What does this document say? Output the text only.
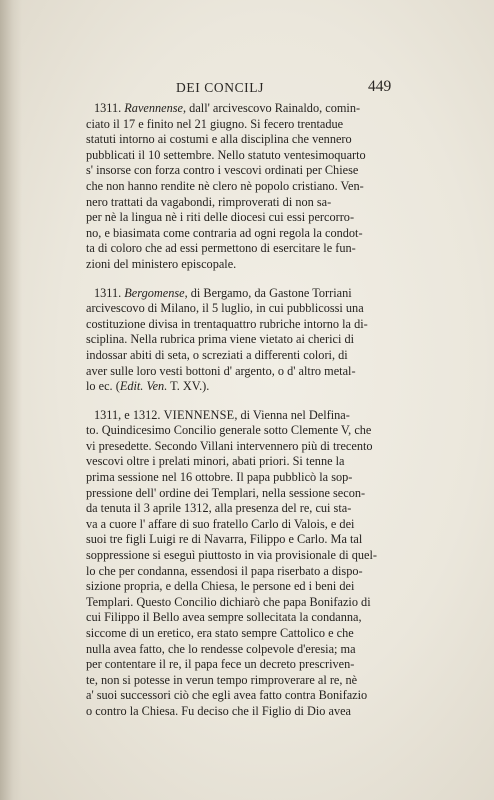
DEI CONCILJ	449
1311. Ravennense, dall' arcivescovo Rainaldo, comin-
ciato il 17 e finito nel 21 giugno. Si fecero trentadue
statuti intorno ai costumi e alla disciplina che vennero
pubblicati il 10 settembre. Nello statuto ventesimoquarto
s' insorse con forza contro i vescovi ordinati per Chiese
che non hanno rendite nè clero nè popolo cristiano. Ven-
nero trattati da vagabondi, rimproverati di non sa-
per nè la lingua nè i riti delle diocesi cui essi percorro-
no, e biasimata come contraria ad ogni regola la condot-
ta di coloro che ad essi permettono di esercitare le fun-
zioni del ministero episcopale.
1311. Bergomense, di Bergamo, da Gastone Torriani
arcivescovo di Milano, il 5 luglio, in cui pubblicossi una
costituzione divisa in trentaquattro rubriche intorno la di-
sciplina. Nella rubrica prima viene vietato ai cherici di
indossar abiti di seta, o screziati a differenti colori, di
aver sulle loro vesti bottoni d' argento, o d' altro metal-
lo ec. (Edit. Ven. T. XV.).
1311, e 1312. VIENNENSE, di Vienna nel Delfina-
to. Quindicesimo Concilio generale sotto Clemente V, che
vi presedette. Secondo Villani intervennero più di trecento
vescovi oltre i prelati minori, abati priori. Si tenne la
prima sessione nel 16 ottobre. Il papa pubblicò la sop-
pressione dell' ordine dei Templari, nella sessione secon-
da tenuta il 3 aprile 1312, alla presenza del re, cui sta-
va a cuore l' affare di suo fratello Carlo di Valois, e dei
suoi tre figli Luigi re di Navarra, Filippo e Carlo. Ma tal
soppressione si eseguì piuttosto in via provisionale di quel-
lo che per condanna, essendosi il papa riserbato a dispo-
sizione propria, e della Chiesa, le persone ed i beni dei
Templari. Questo Concilio dichiarò che papa Bonifazio di
cui Filippo il Bello avea sempre sollecitata la condanna,
siccome di un eretico, era stato sempre Cattolico e che
nulla avea fatto, che lo rendesse colpevole d'eresia; ma
per contentare il re, il papa fece un decreto prescriven-
te, non si potesse in verun tempo rimproverare al re, nè
a' suoi successori ciò che egli avea fatto contra Bonifazio
o contro la Chiesa. Fu deciso che il Figlio di Dio avea
